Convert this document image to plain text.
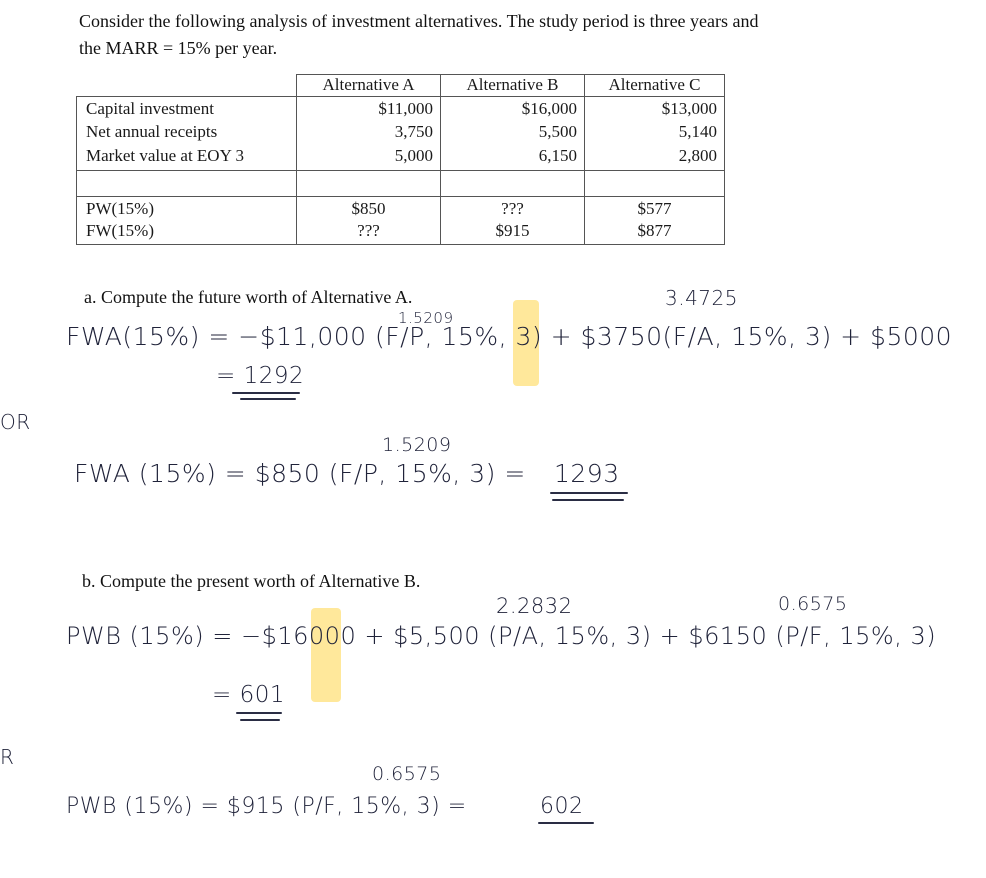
Consider the following analysis of investment alternatives. The study period is three years and
the MARR = 15% per year.
Alternative A	Alternative B	Alternative C
Capital investment	$11,000	$16,000	$13,000
Net annual receipts	3,750	5,500	5,140
Market value at EOY 3	5,000	6,150	2,800
PW(15%)	$850	???	$577
FW(15%)	???	$915	$877
a. Compute the future worth of Alternative A.	3.4725
1.5209
FWA(15%) = −$11,000 (F/P, 15%, 3) + $3750(F/A, 15%, 3) + $5000
= 1292
OR
1.5209
FWA (15%) = $850 (F/P, 15%, 3) = 1293
b. Compute the present worth of Alternative B.
2.2832	0.6575
PWB (15%) = −$16000 + $5,500 (P/A, 15%, 3) + $6150 (P/F, 15%, 3)
= 601
R
0.6575
PWB (15%) = $915 (P/F, 15%, 3) =	602
